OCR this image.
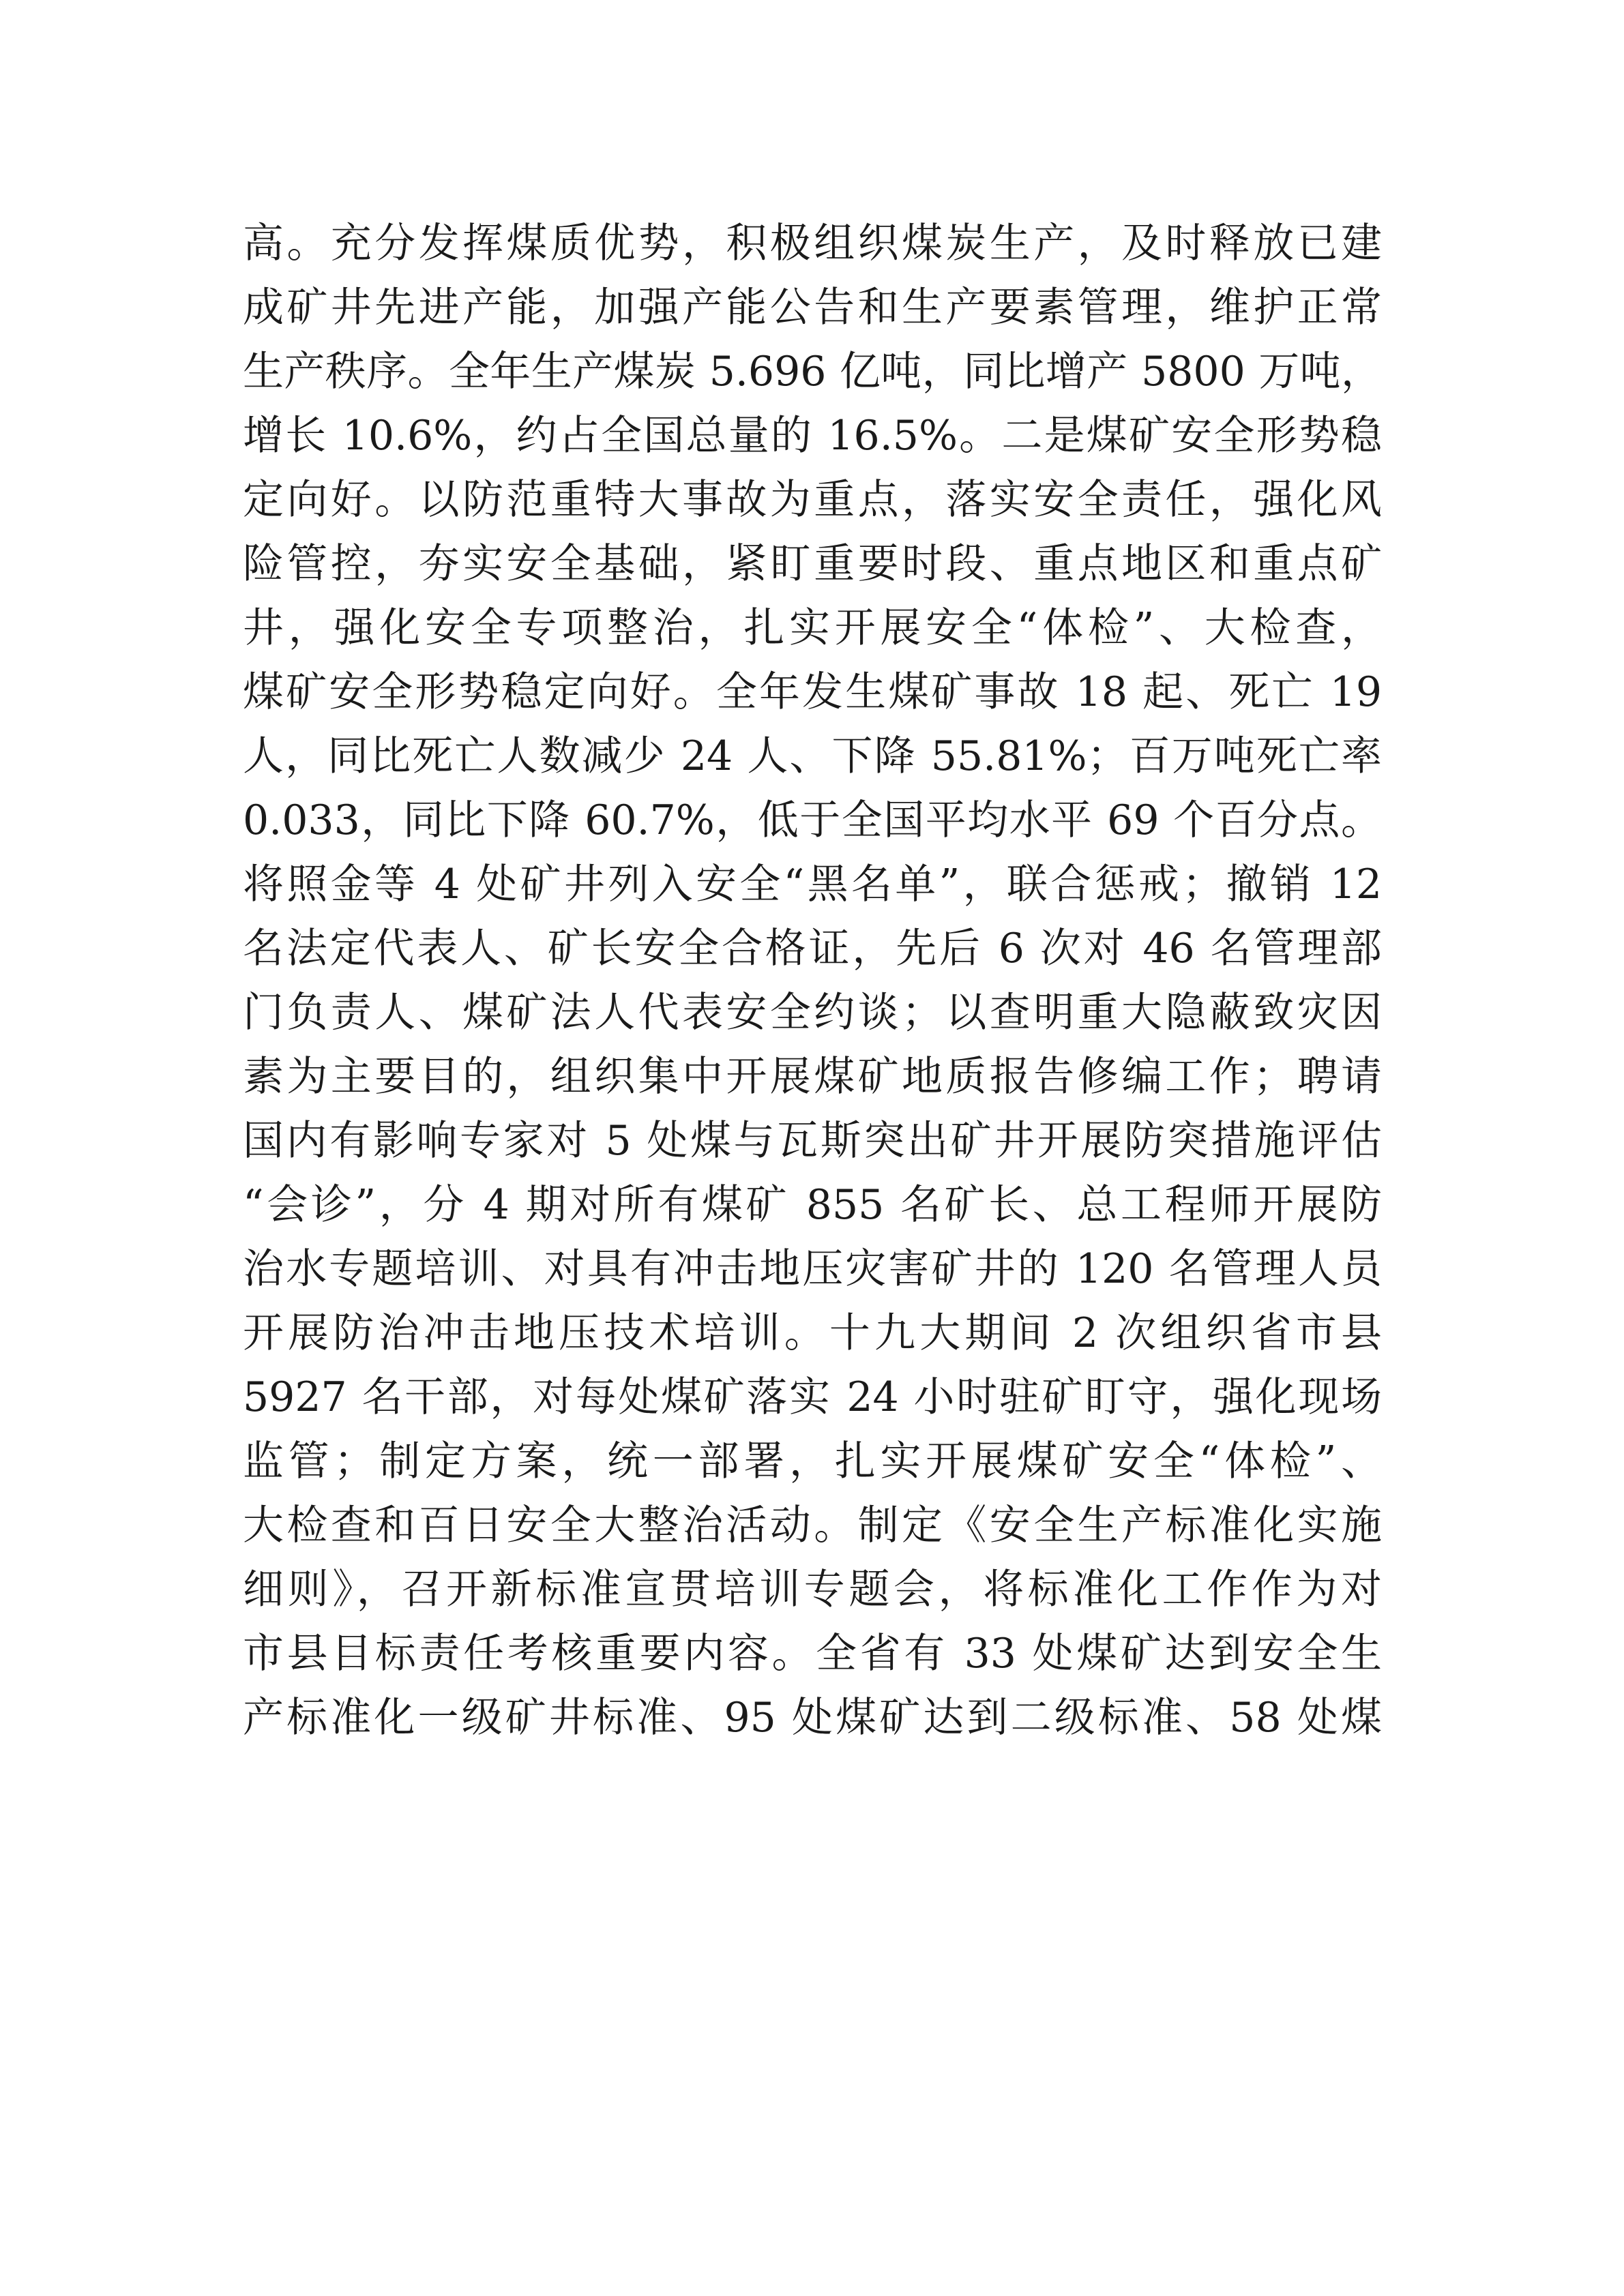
高。充分发挥煤质优势，积极组织煤炭生产，及时释放已建
成矿井先进产能，加强产能公告和生产要素管理，维护正常
生产秩序。全年生产煤炭 5.696 亿吨，同比增产 5800 万吨，
增长 10.6%，约占全国总量的 16.5%。二是煤矿安全形势稳
定向好。以防范重特大事故为重点，落实安全责任，强化风
险管控，夯实安全基础，紧盯重要时段、重点地区和重点矿
井，强化安全专项整治，扎实开展安全“体检”、大检查，
煤矿安全形势稳定向好。全年发生煤矿事故 18 起、死亡 19
人，同比死亡人数减少 24 人、下降 55.81%；百万吨死亡率
0.033，同比下降 60.7%，低于全国平均水平 69 个百分点。
将照金等 4 处矿井列入安全“黑名单”，联合惩戒；撤销 12
名法定代表人、矿长安全合格证，先后 6 次对 46 名管理部
门负责人、煤矿法人代表安全约谈；以查明重大隐蔽致灾因
素为主要目的，组织集中开展煤矿地质报告修编工作；聘请
国内有影响专家对 5 处煤与瓦斯突出矿井开展防突措施评估
“会诊”，分 4 期对所有煤矿 855 名矿长、总工程师开展防
治水专题培训、对具有冲击地压灾害矿井的 120 名管理人员
开展防治冲击地压技术培训。十九大期间 2 次组织省市县
5927 名干部，对每处煤矿落实 24 小时驻矿盯守，强化现场
监管；制定方案，统一部署，扎实开展煤矿安全“体检”、
大检查和百日安全大整治活动。制定《安全生产标准化实施
细则》，召开新标准宣贯培训专题会，将标准化工作作为对
市县目标责任考核重要内容。全省有 33 处煤矿达到安全生
产标准化一级矿井标准、95 处煤矿达到二级标准、58 处煤
